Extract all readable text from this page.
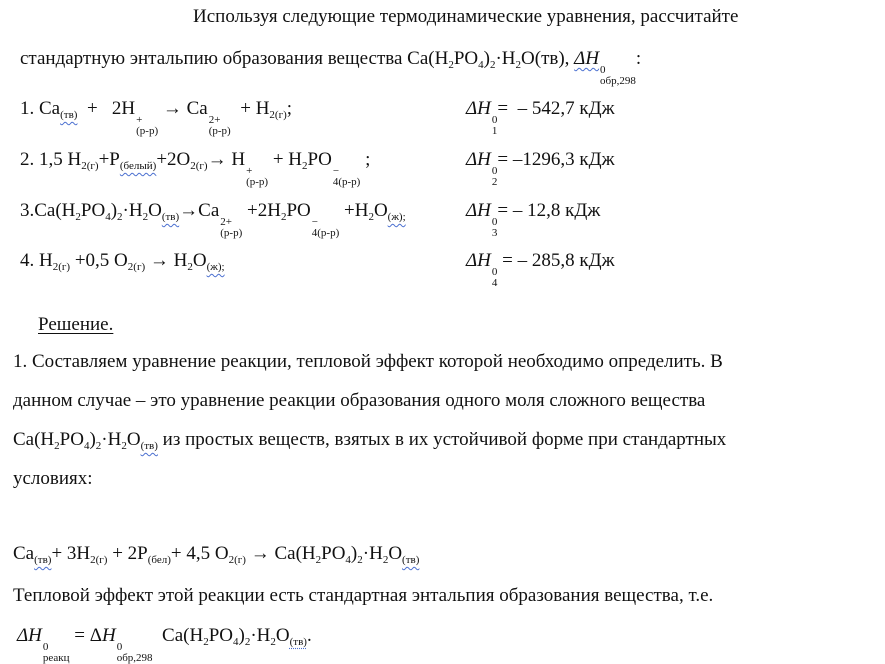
Используя следующие термодинамические уравнения, рассчитайте
стандартную энтальпию образования вещества $Ca(H_2PO_4)_2\cdot H_2O(тв)$, ΔH
0
обр,298
:
1. $Ca_{(тв)} + 2H$
+
(р-р)
→ Ca
2+
(р-р)
+ $H_{2(г)}$;	ΔH
0
1
=  – 542,7 кДж
2. 1,5 $H_{2(г)}+P_{(белый)}+2O_{2(г)}\to H$
+
(р-р)
+ $H_2PO$
−
4(р-р)
;	ΔH
0
2
= –1296,3 кДж
$3.Ca(H_2PO_4)_2\cdot H_2O_{(тв)}\to Ca$
2+
(р-р)
$+2H_2PO$
−
4(р-р)
$+H_2O_{(ж);}$	ΔH
0
3
= – 12,8 кДж
4. $H_{2(г)} +0,5$ $O_{2(г)} \to H_2O_{(ж);}$	ΔH
0
4
= – 285,8 кДж
Решение.
1. Составляем уравнение реакции, тепловой эффект которой необходимо определить. В
данном случае – это уравнение реакции образования одного моля сложного вещества
$Ca(H_2PO_4)_2\cdot H_2O_{(тв)}$ из простых веществ, взятых в их устойчивой форме при стандартных
условиях:
$Ca_{(тв)}+ 3H_{2(г)} + 2P_{(бел)}+ 4,5$ $O_{2(г)} \to Ca(H_2PO_4)_2\cdot H_2O_{(тв)}$
Тепловой эффект этой реакции есть стандартная энтальпия образования вещества, т.е.
ΔH
0
реакц
= ΔH
0
обр,298
$Ca(H_2PO_4)_2\cdot H_2O_{(тв)}$.
